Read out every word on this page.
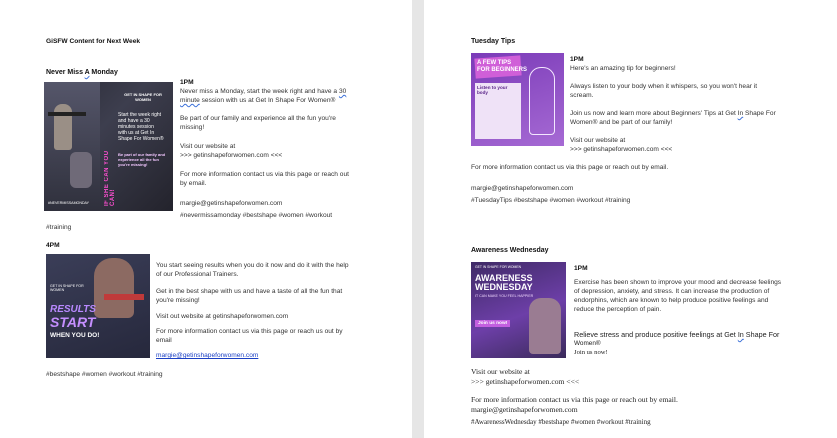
GiSFW Content for Next Week
Never Miss A Monday
IF SHE CAN YOU CAN!
GET IN SHAPE FOR WOMEN
Start the week right
and have a 30
minutes session
with us at Get In
Shape For Women®
Be part of our family and
experience all the fun
you're missing!
#NEVERMISSAMONDAY
1PM
Never miss a Monday, start the week right and have a 30
minute session with us at Get In Shape For Women®
Be part of our family and experience all the fun you're
missing!
Visit our website at
>>> getinshapeforwomen.com <<<
For more information contact us via this page or reach out
by email.
margie@getinshapeforwomen.com
#nevermissamonday #bestshape #women #workout
#training
4PM
GET IN SHAPE FOR WOMEN
RESULTS
START
WHEN YOU DO!
You start seeing results when you do it now and do it with the help
of our Professional Trainers.
Get in the best shape with us and have a taste of all the fun that
you're missing!
Visit out website at getinshapeforwomen.com
For more information contact us via this page or reach us out by
email
margie@getinshapeforwomen.com
#bestshape #women #workout #training
Tuesday Tips
A FEW TIPS
FOR BEGINNERS
Listen to your body
1PM
Here's an amazing tip for beginners!
Always listen to your body when it whispers, so you won't hear it
scream.
Join us now and learn more about Beginners' Tips at Get In Shape For
Women® and be part of our family!
Visit our website at
>>> getinshapeforwomen.com <<<
For more information contact us via this page or reach out by email.
margie@getinshapeforwomen.com
#TuesdayTips #bestshape #women #workout #training
Awareness Wednesday
GET IN SHAPE FOR WOMEN
AWARENESS
WEDNESDAY
IT CAN MAKE YOU FEEL HAPPIER
Join us now!
1PM
Exercise has been shown to improve your mood and decrease feelings
of depression, anxiety, and stress. It can increase the production of
endorphins, which are known to help produce positive feelings and
reduce the perception of pain.
Relieve stress and produce positive feelings at Get In Shape For
Women®
Join us now!
Visit our website at
>>> getinshapeforwomen.com <<<
For more information contact us via this page or reach out by email.
margie@getinshapeforwomen.com
#AwarenessWednesday #bestshape #women #workout #training
